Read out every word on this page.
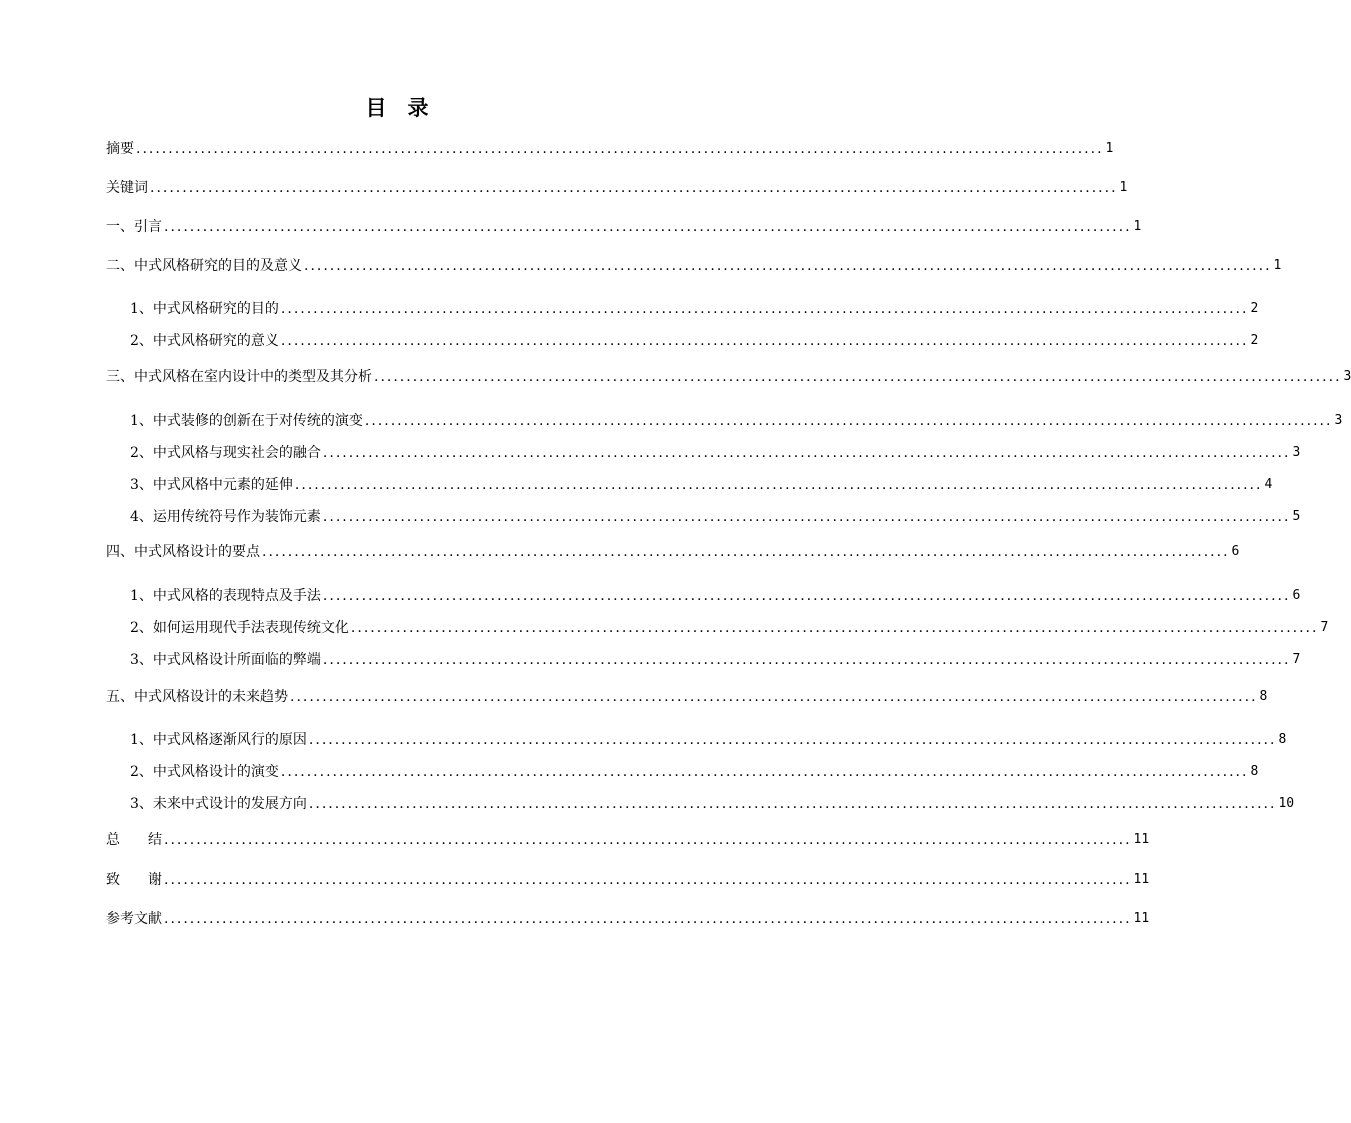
目　录
摘要 ...................................................................................................................................................... 1
关键词 ...................................................................................................................................................... 1
一、引言 ...................................................................................................................................................... 1
二、中式风格研究的目的及意义 ...................................................................................................................................................... 1
1、中式风格研究的目的 ...................................................................................................................................................... 2
2、中式风格研究的意义 ...................................................................................................................................................... 2
三、中式风格在室内设计中的类型及其分析 ...................................................................................................................................................... 3
1、中式装修的创新在于对传统的演变 ...................................................................................................................................................... 3
2、中式风格与现实社会的融合 ...................................................................................................................................................... 3
3、中式风格中元素的延伸 ...................................................................................................................................................... 4
4、运用传统符号作为装饰元素 ...................................................................................................................................................... 5
四、中式风格设计的要点 ...................................................................................................................................................... 6
1、中式风格的表现特点及手法 ...................................................................................................................................................... 6
2、如何运用现代手法表现传统文化 ...................................................................................................................................................... 7
3、中式风格设计所面临的弊端 ...................................................................................................................................................... 7
五、中式风格设计的未来趋势 ...................................................................................................................................................... 8
1、中式风格逐渐风行的原因 ...................................................................................................................................................... 8
2、中式风格设计的演变 ...................................................................................................................................................... 8
3、未来中式设计的发展方向 ...................................................................................................................................................... 10
总　　结 ...................................................................................................................................................... 11
致　　谢 ...................................................................................................................................................... 11
参考文献 ...................................................................................................................................................... 11
